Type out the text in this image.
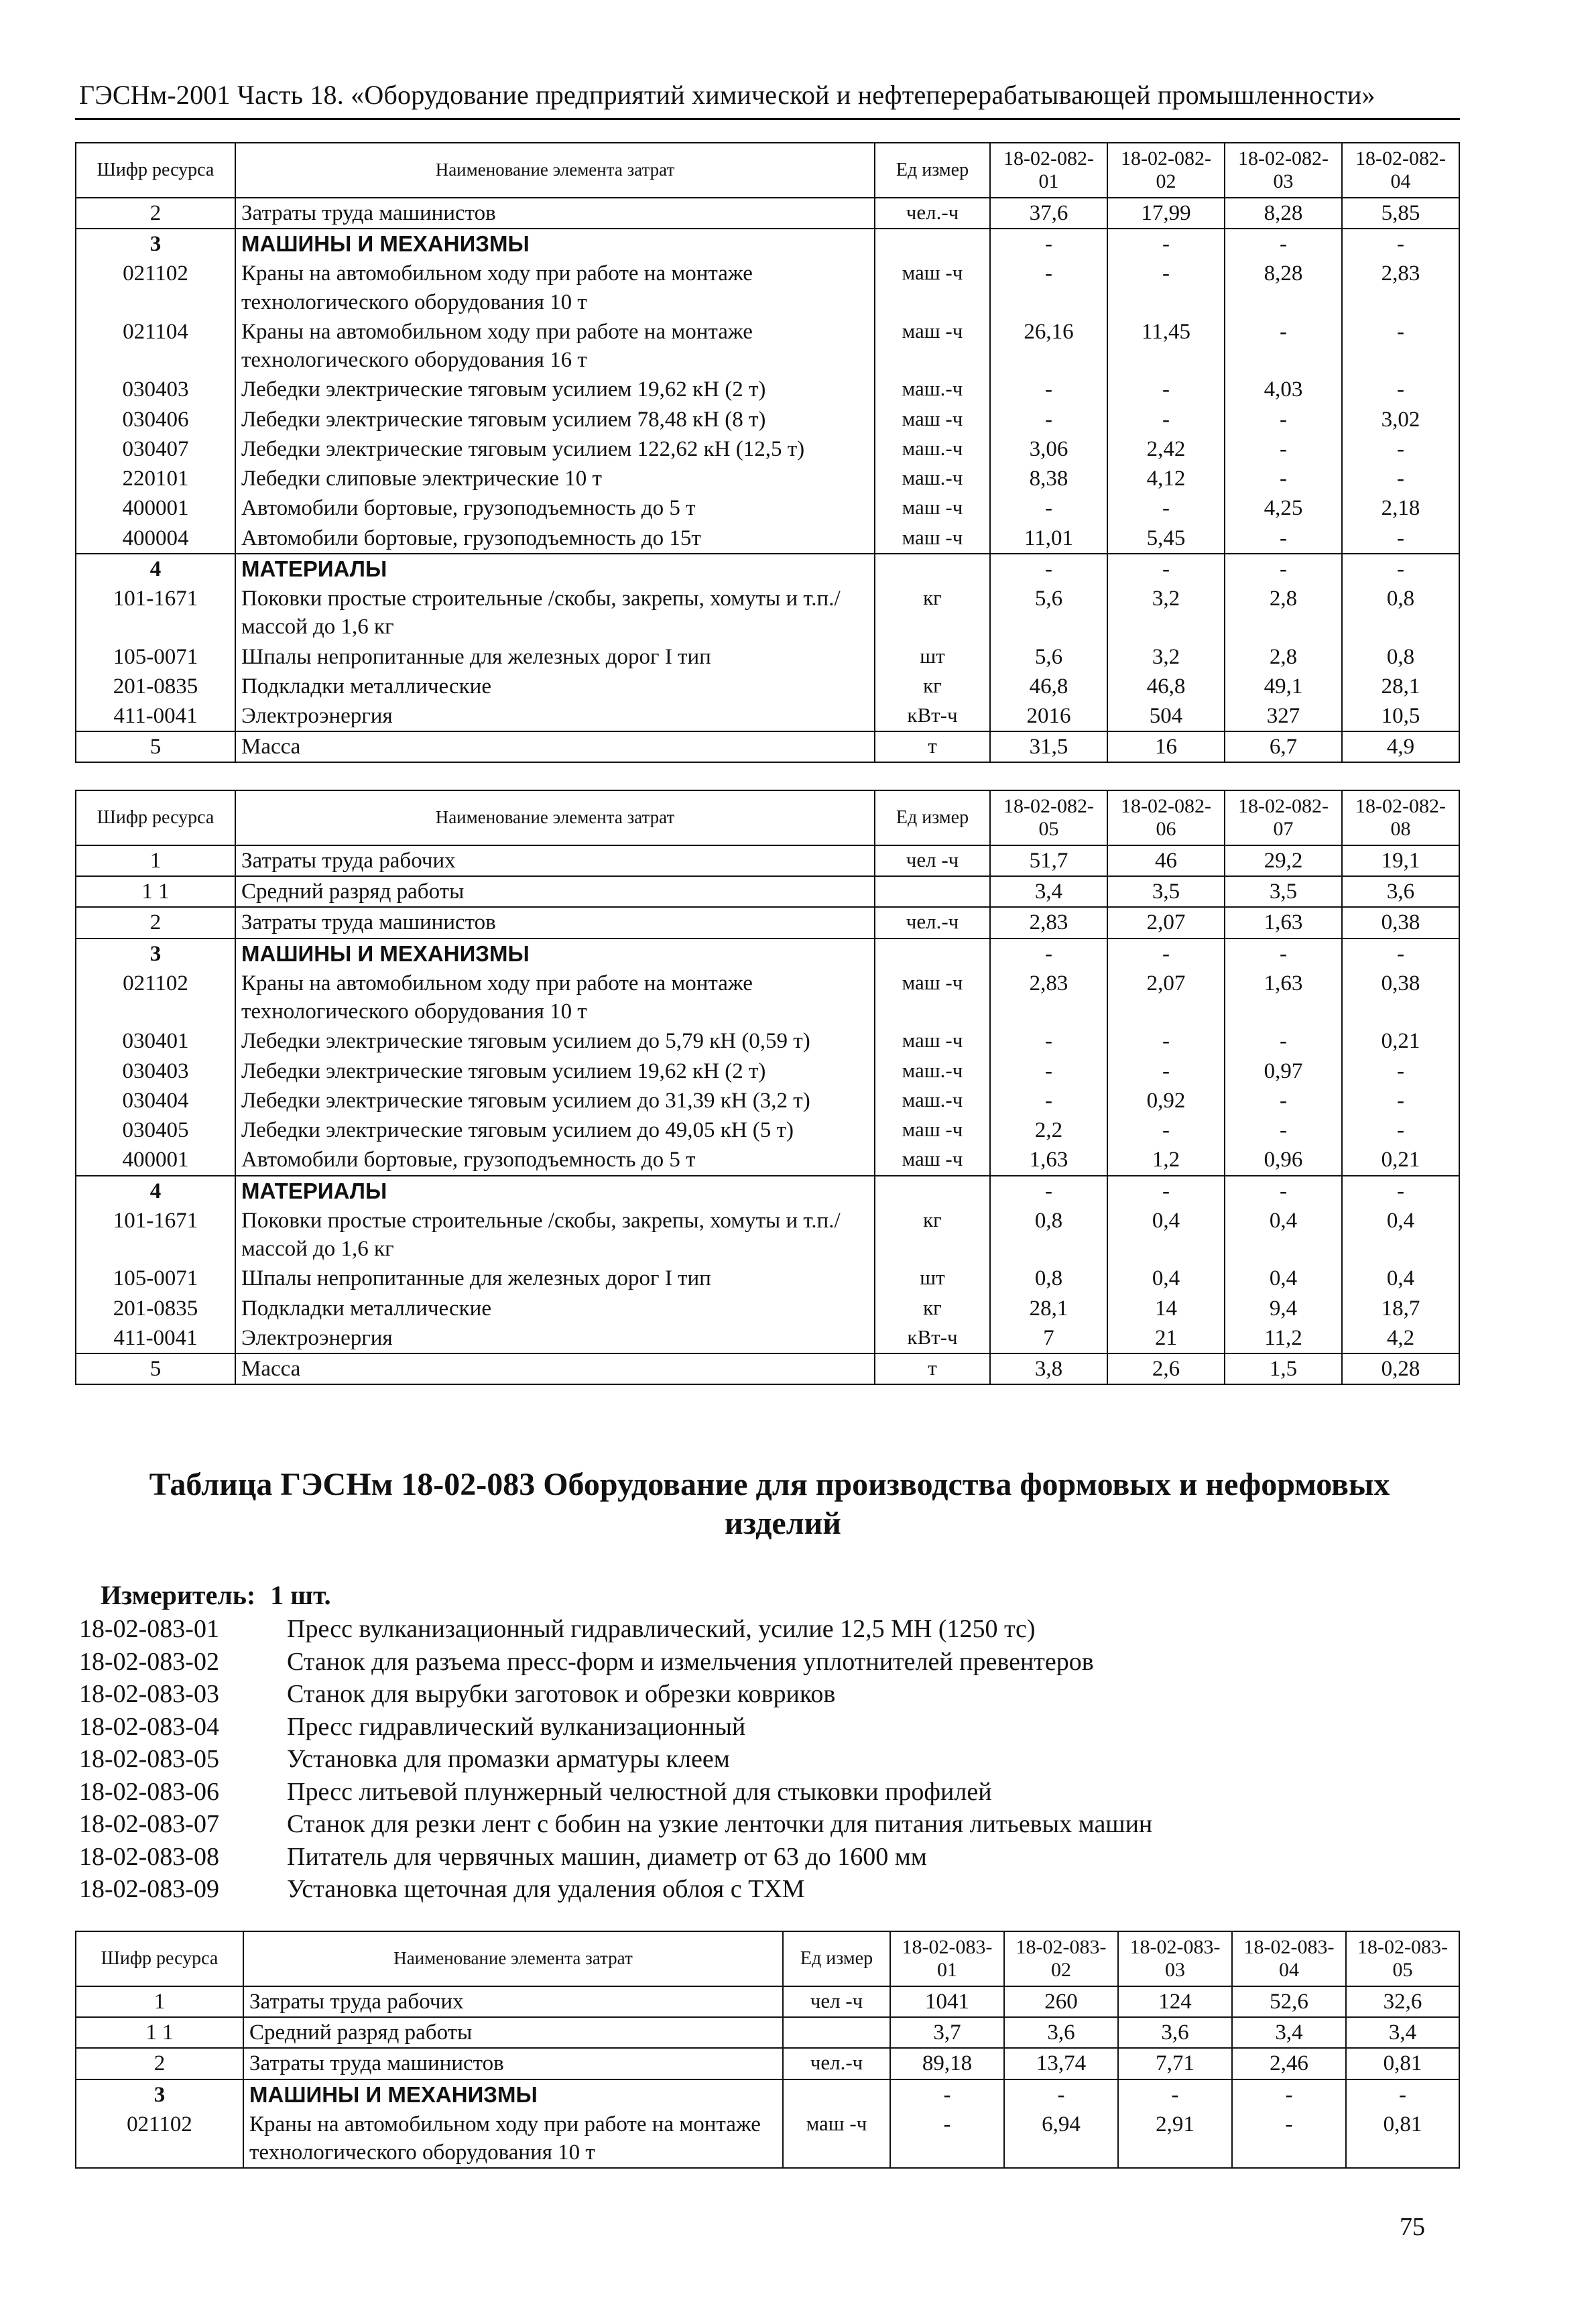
ГЭСНм-2001 Часть 18. «Оборудование предприятий химической и нефтеперерабатывающей промышленности»
Шифр ресурса	Наименование элемента затрат	Ед измер	18-02-082-01	18-02-082-02	18-02-082-03	18-02-082-04
2	Затраты труда машинистов	чел.-ч	37,6	17,99	8,28	5,85
3	МАШИНЫ И МЕХАНИЗМЫ		-	-	-	-
021102	Краны на автомобильном ходу при работе на монтаже технологического оборудования 10 т	маш -ч	-	-	8,28	2,83
021104	Краны на автомобильном ходу при работе на монтаже технологического оборудования 16 т	маш -ч	26,16	11,45	-	-
030403	Лебедки электрические тяговым усилием 19,62 кН (2 т)	маш.-ч	-	-	4,03	-
030406	Лебедки электрические тяговым усилием 78,48 кН (8 т)	маш -ч	-	-	-	3,02
030407	Лебедки электрические тяговым усилием 122,62 кН (12,5 т)	маш.-ч	3,06	2,42	-	-
220101	Лебедки слиповые электрические 10 т	маш.-ч	8,38	4,12	-	-
400001	Автомобили бортовые, грузоподъемность до 5 т	маш -ч	-	-	4,25	2,18
400004	Автомобили бортовые, грузоподъемность до 15т	маш -ч	11,01	5,45	-	-
4	МАТЕРИАЛЫ		-	-	-	-
101-1671	Поковки простые строительные /скобы, закрепы, хомуты и т.п./ массой до 1,6 кг	кг	5,6	3,2	2,8	0,8
105-0071	Шпалы непропитанные для железных дорог I тип	шт	5,6	3,2	2,8	0,8
201-0835	Подкладки металлические	кг	46,8	46,8	49,1	28,1
411-0041	Электроэнергия	кВт-ч	2016	504	327	10,5
5	Масса	т	31,5	16	6,7	4,9
Шифр ресурса	Наименование элемента затрат	Ед измер	18-02-082-05	18-02-082-06	18-02-082-07	18-02-082-08
1	Затраты труда рабочих	чел -ч	51,7	46	29,2	19,1
1 1	Средний разряд работы		3,4	3,5	3,5	3,6
2	Затраты труда машинистов	чел.-ч	2,83	2,07	1,63	0,38
3	МАШИНЫ И МЕХАНИЗМЫ		-	-	-	-
021102	Краны на автомобильном ходу при работе на монтаже технологического оборудования 10 т	маш -ч	2,83	2,07	1,63	0,38
030401	Лебедки электрические тяговым усилием до 5,79 кН (0,59 т)	маш -ч	-	-	-	0,21
030403	Лебедки электрические тяговым усилием 19,62 кН (2 т)	маш.-ч	-	-	0,97	-
030404	Лебедки электрические тяговым усилием до 31,39 кН (3,2 т)	маш.-ч	-	0,92	-	-
030405	Лебедки электрические тяговым усилием до 49,05 кН (5 т)	маш -ч	2,2	-	-	-
400001	Автомобили бортовые, грузоподъемность до 5 т	маш -ч	1,63	1,2	0,96	0,21
4	МАТЕРИАЛЫ		-	-	-	-
101-1671	Поковки простые строительные /скобы, закрепы, хомуты и т.п./ массой до 1,6 кг	кг	0,8	0,4	0,4	0,4
105-0071	Шпалы непропитанные для железных дорог I тип	шт	0,8	0,4	0,4	0,4
201-0835	Подкладки металлические	кг	28,1	14	9,4	18,7
411-0041	Электроэнергия	кВт-ч	7	21	11,2	4,2
5	Масса	т	3,8	2,6	1,5	0,28
Таблица ГЭСНм 18-02-083 Оборудование для производства формовых и неформовых
изделий
Измеритель: 1 шт.
18-02-083-01	Пресс вулканизационный гидравлический, усилие 12,5 МН (1250 тс)
18-02-083-02	Станок для разъема пресс-форм и измельчения уплотнителей превентеров
18-02-083-03	Станок для вырубки заготовок и обрезки ковриков
18-02-083-04	Пресс гидравлический вулканизационный
18-02-083-05	Установка для промазки арматуры клеем
18-02-083-06	Пресс литьевой плунжерный челюстной для стыковки профилей
18-02-083-07	Станок для резки лент с бобин на узкие ленточки для питания литьевых машин
18-02-083-08	Питатель для червячных машин, диаметр от 63 до 1600 мм
18-02-083-09	Установка щеточная для удаления облоя с ТХМ
Шифр ресурса	Наименование элемента затрат	Ед измер	18-02-083-01	18-02-083-02	18-02-083-03	18-02-083-04	18-02-083-05
1	Затраты труда рабочих	чел -ч	1041	260	124	52,6	32,6
1 1	Средний разряд работы		3,7	3,6	3,6	3,4	3,4
2	Затраты труда машинистов	чел.-ч	89,18	13,74	7,71	2,46	0,81
3	МАШИНЫ И МЕХАНИЗМЫ		-	-	-	-	-
021102	Краны на автомобильном ходу при работе на монтаже технологического оборудования 10 т	маш -ч	-	6,94	2,91	-	0,81
75
